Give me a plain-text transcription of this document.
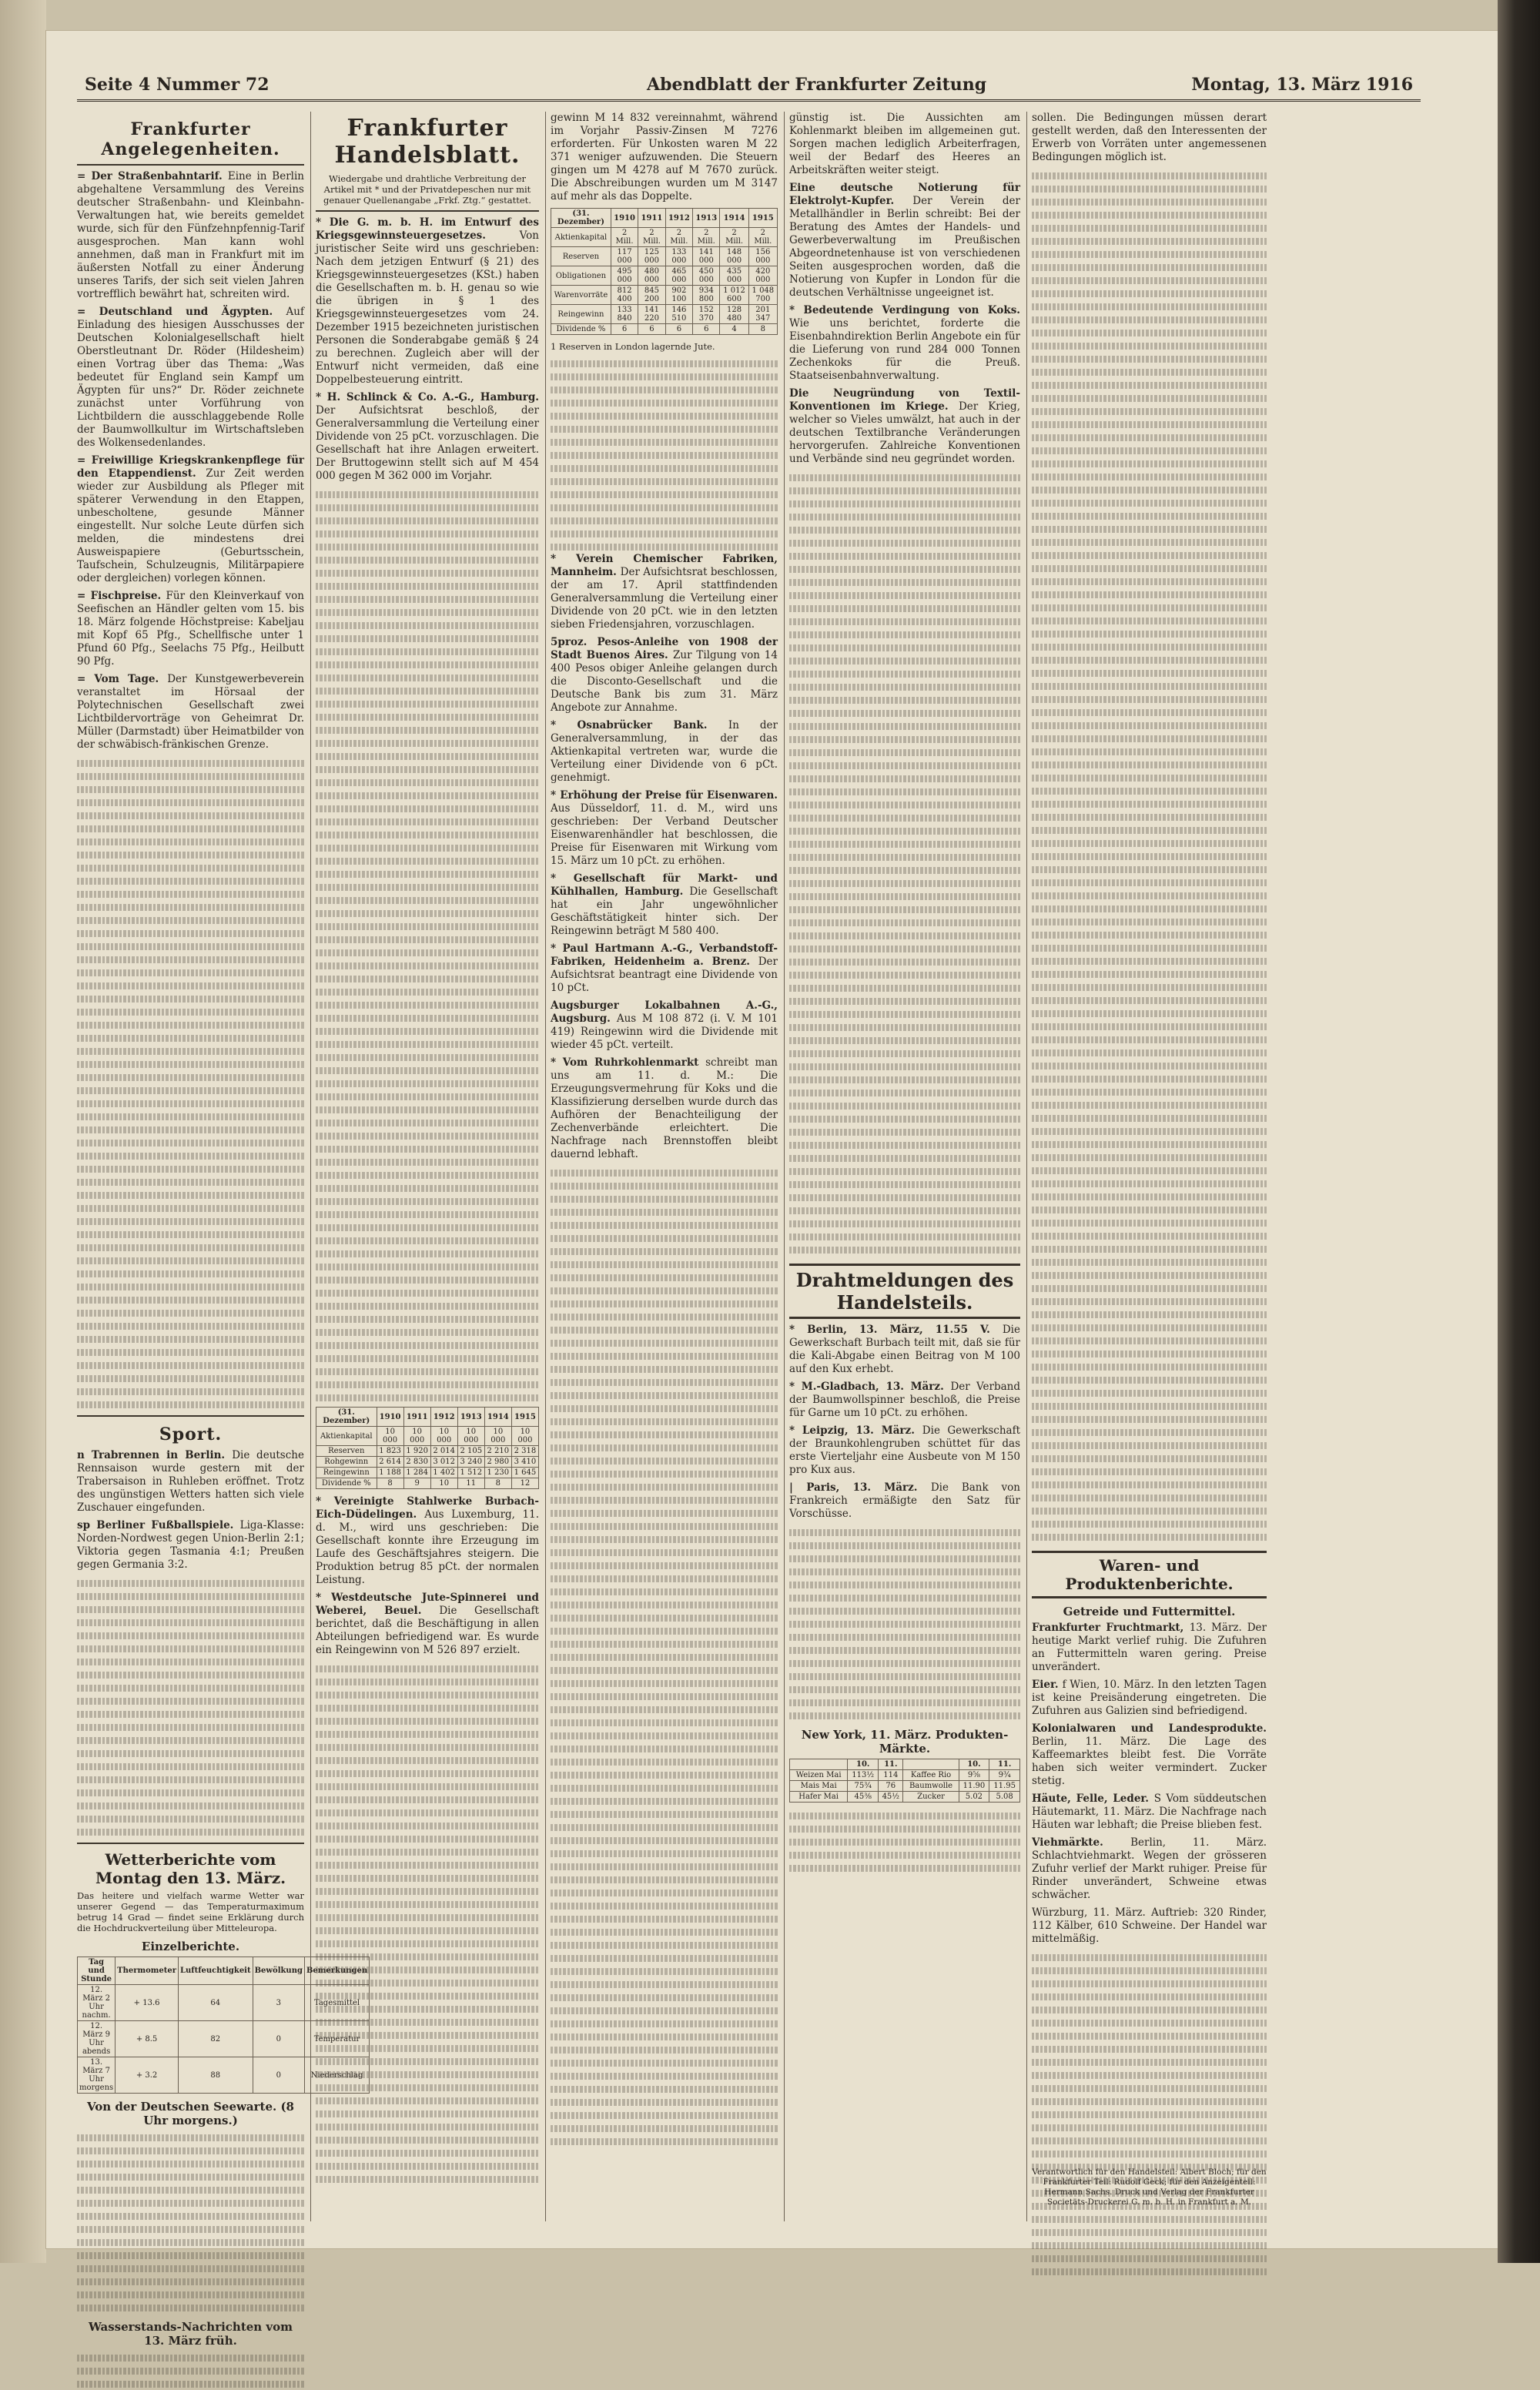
Seite 4 Nummer 72	Abendblatt der Frankfurter Zeitung	Montag, 13. März 1916
Frankfurter Angelegenheiten.

= Der Straßenbahntarif. Eine in Berlin abgehaltene Versammlung des Vereins deutscher Straßenbahn- und Kleinbahn-Verwaltungen hat, wie bereits gemeldet wurde, sich für den Fünfzehnpfennig-Tarif ausgesprochen. Man kann wohl annehmen, daß man in Frankfurt mit im äußersten Notfall zu einer Änderung unseres Tarifs, der sich seit vielen Jahren vortrefflich bewährt hat, schreiten wird.

= Deutschland und Ägypten. Auf Einladung des hiesigen Ausschusses der Deutschen Kolonialgesellschaft hielt Oberstleutnant Dr. Röder (Hildesheim) einen Vortrag über das Thema: „Was bedeutet für England sein Kampf um Ägypten für uns?“ Dr. Röder zeichnete zunächst unter Vorführung von Lichtbildern die ausschlaggebende Rolle der Baumwollkultur im Wirtschaftsleben des Wolkensedenlandes.

= Freiwillige Kriegskrankenpflege für den Etappendienst. Zur Zeit werden wieder zur Ausbildung als Pfleger mit späterer Verwendung in den Etappen, unbescholtene, gesunde Männer eingestellt. Nur solche Leute dürfen sich melden, die mindestens drei Ausweispapiere (Geburtsschein, Taufschein, Schulzeugnis, Militärpapiere oder dergleichen) vorlegen können.

= Fischpreise. Für den Kleinverkauf von Seefischen an Händler gelten vom 15. bis 18. März folgende Höchstpreise: Kabeljau mit Kopf 65 Pfg., Schellfische unter 1 Pfund 60 Pfg., Seelachs 75 Pfg., Heilbutt 90 Pfg.

= Vom Tage. Der Kunstgewerbeverein veranstaltet im Hörsaal der Polytechnischen Gesellschaft zwei Lichtbildervorträge von Geheimrat Dr. Müller (Darmstadt) über Heimatbilder von der schwäbisch-fränkischen Grenze.

Sport.

n Trabrennen in Berlin. Die deutsche Rennsaison wurde gestern mit der Trabersaison in Ruhleben eröffnet. Trotz des ungünstigen Wetters hatten sich viele Zuschauer eingefunden.

sp Berliner Fußballspiele. Liga-Klasse: Norden-Nordwest gegen Union-Berlin 2:1; Viktoria gegen Tasmania 4:1; Preußen gegen Germania 3:2.

Wetterberichte vom Montag den 13. März.

Das heitere und vielfach warme Wetter war unserer Gegend — das Temperaturmaximum betrug 14 Grad — findet seine Erklärung durch die Hochdruckverteilung über Mitteleuropa.

Einzelberichte.
Tag und Stunde	Thermometer	Luftfeuchtigkeit	Bewölkung	Bemerkungen
12. März 2 Uhr nachm.	+ 13.6	64	3	Tagesmittel
12. März 9 Uhr abends	+ 8.5	82	0	Temperatur
13. März 7 Uhr morgens	+ 3.2	88	0	Niederschlag
Von der Deutschen Seewarte. (8 Uhr morgens.)
Wasserstands-Nachrichten vom 13. März früh.
Frankfurter Handelsblatt.

Wiedergabe und drahtliche Verbreitung der Artikel mit * und der Privatdepeschen nur mit genauer Quellenangabe „Frkf. Ztg.“ gestattet.

* Die G. m. b. H. im Entwurf des Kriegsgewinnsteuergesetzes. Von juristischer Seite wird uns geschrieben: Nach dem jetzigen Entwurf (§ 21) des Kriegsgewinnsteuergesetzes (KSt.) haben die Gesellschaften m. b. H. genau so wie die übrigen in § 1 des Kriegsgewinnsteuergesetzes vom 24. Dezember 1915 bezeichneten juristischen Personen die Sonderabgabe gemäß § 24 zu berechnen. Zugleich aber will der Entwurf nicht vermeiden, daß eine Doppelbesteuerung eintritt.

* H. Schlinck & Co. A.-G., Hamburg. Der Aufsichtsrat beschloß, der Generalversammlung die Verteilung einer Dividende von 25 pCt. vorzuschlagen. Die Gesellschaft hat ihre Anlagen erweitert. Der Bruttogewinn stellt sich auf M 454 000 gegen M 362 000 im Vorjahr.

(31. Dezember)	1910	1911	1912	1913	1914	1915
Aktienkapital	10 000	10 000	10 000	10 000	10 000	10 000
Reserven	1 823	1 920	2 014	2 105	2 210	2 318
Rohgewinn	2 614	2 830	3 012	3 240	2 980	3 410
Reingewinn	1 188	1 284	1 402	1 512	1 230	1 645
Dividende %	8	9	10	11	8	12

* Vereinigte Stahlwerke Burbach-Eich-Düdelingen. Aus Luxemburg, 11. d. M., wird uns geschrieben: Die Gesellschaft konnte ihre Erzeugung im Laufe des Geschäftsjahres steigern. Die Produktion betrug 85 pCt. der normalen Leistung.

* Westdeutsche Jute-Spinnerei und Weberei, Beuel. Die Gesellschaft berichtet, daß die Beschäftigung in allen Abteilungen befriedigend war. Es wurde ein Reingewinn von M 526 897 erzielt.

gewinn M 14 832 vereinnahmt, während im Vorjahr Passiv-Zinsen M 7276 erforderten. Für Unkosten waren M 22 371 weniger aufzuwenden. Die Steuern gingen um M 4278 auf M 7670 zurück. Die Abschreibungen wurden um M 3147 auf mehr als das Doppelte.

(31. Dezember)	1910	1911	1912	1913	1914	1915
Aktienkapital	2 Mill.	2 Mill.	2 Mill.	2 Mill.	2 Mill.	2 Mill.
Reserven	117 000	125 000	133 000	141 000	148 000	156 000
Obligationen	495 000	480 000	465 000	450 000	435 000	420 000
Warenvorräte	812 400	845 200	902 100	934 800	1 012 600	1 048 700
Reingewinn	133 840	141 220	146 510	152 370	128 480	201 347
Dividende %	6	6	6	6	4	8

1 Reserven in London lagernde Jute.

* Verein Chemischer Fabriken, Mannheim. Der Aufsichtsrat beschlossen, der am 17. April stattfindenden Generalversammlung die Verteilung einer Dividende von 20 pCt. wie in den letzten sieben Friedensjahren, vorzuschlagen.

5proz. Pesos-Anleihe von 1908 der Stadt Buenos Aires. Zur Tilgung von 14 400 Pesos obiger Anleihe gelangen durch die Disconto-Gesellschaft und die Deutsche Bank bis zum 31. März Angebote zur Annahme.

* Osnabrücker Bank. In der Generalversammlung, in der das Aktienkapital vertreten war, wurde die Verteilung einer Dividende von 6 pCt. genehmigt.

* Erhöhung der Preise für Eisenwaren. Aus Düsseldorf, 11. d. M., wird uns geschrieben: Der Verband Deutscher Eisenwarenhändler hat beschlossen, die Preise für Eisenwaren mit Wirkung vom 15. März um 10 pCt. zu erhöhen.

* Gesellschaft für Markt- und Kühlhallen, Hamburg. Die Gesellschaft hat ein Jahr ungewöhnlicher Geschäftstätigkeit hinter sich. Der Reingewinn beträgt M 580 400.

* Paul Hartmann A.-G., Verbandstoff-Fabriken, Heidenheim a. Brenz. Der Aufsichtsrat beantragt eine Dividende von 10 pCt.

Augsburger Lokalbahnen A.-G., Augsburg. Aus M 108 872 (i. V. M 101 419) Reingewinn wird die Dividende mit wieder 45 pCt. verteilt.

* Vom Ruhrkohlenmarkt schreibt man uns am 11. d. M.: Die Erzeugungsvermehrung für Koks und die Klassifizierung derselben wurde durch das Aufhören der Benachteiligung der Zechenverbände erleichtert. Die Nachfrage nach Brennstoffen bleibt dauernd lebhaft.

günstig ist. Die Aussichten am Kohlenmarkt bleiben im allgemeinen gut. Sorgen machen lediglich Arbeiterfragen, weil der Bedarf des Heeres an Arbeitskräften weiter steigt.

Eine deutsche Notierung für Elektrolyt-Kupfer. Der Verein der Metallhändler in Berlin schreibt: Bei der Beratung des Amtes der Handels- und Gewerbeverwaltung im Preußischen Abgeordnetenhause ist von verschiedenen Seiten ausgesprochen worden, daß die Notierung von Kupfer in London für die deutschen Verhältnisse ungeeignet ist.

* Bedeutende Verdingung von Koks. Wie uns berichtet, forderte die Eisenbahndirektion Berlin Angebote ein für die Lieferung von rund 284 000 Tonnen Zechenkoks für die Preuß. Staatseisenbahnverwaltung.

Die Neugründung von Textil-Konventionen im Kriege. Der Krieg, welcher so Vieles umwälzt, hat auch in der deutschen Textilbranche Veränderungen hervorgerufen. Zahlreiche Konventionen und Verbände sind neu gegründet worden.

Drahtmeldungen des Handelsteils.

* Berlin, 13. März, 11.55 V. Die Gewerkschaft Burbach teilt mit, daß sie für die Kali-Abgabe einen Beitrag von M 100 auf den Kux erhebt.

* M.-Gladbach, 13. März. Der Verband der Baumwollspinner beschloß, die Preise für Garne um 10 pCt. zu erhöhen.

* Leipzig, 13. März. Die Gewerkschaft der Braunkohlengruben schüttet für das erste Vierteljahr eine Ausbeute von M 150 pro Kux aus.

| Paris, 13. März. Die Bank von Frankreich ermäßigte den Satz für Vorschüsse.

New York, 11. März. Produkten-Märkte.
	10.	11.		10.	11.
Weizen Mai	113½	114	Kaffee Rio	9⅝	9¾
Mais Mai	75¾	76	Baumwolle	11.90	11.95
Hafer Mai	45⅜	45½	Zucker	5.02	5.08

sollen. Die Bedingungen müssen derart gestellt werden, daß den Interessenten der Erwerb von Vorräten unter angemessenen Bedingungen möglich ist.

Waren- und Produktenberichte.
Getreide und Futtermittel.

Frankfurter Fruchtmarkt, 13. März. Der heutige Markt verlief ruhig. Die Zufuhren an Futtermitteln waren gering. Preise unverändert.

Eier. f Wien, 10. März. In den letzten Tagen ist keine Preisänderung eingetreten. Die Zufuhren aus Galizien sind befriedigend.

Kolonialwaren und Landesprodukte. Berlin, 11. März. Die Lage des Kaffeemarktes bleibt fest. Die Vorräte haben sich weiter vermindert. Zucker stetig.

Häute, Felle, Leder. S Vom süddeutschen Häutemarkt, 11. März. Die Nachfrage nach Häuten war lebhaft; die Preise blieben fest.

Viehmärkte. Berlin, 11. März. Schlachtviehmarkt. Wegen der grösseren Zufuhr verlief der Markt ruhiger. Preise für Rinder unverändert, Schweine etwas schwächer.

Würzburg, 11. März. Auftrieb: 320 Rinder, 112 Kälber, 610 Schweine. Der Handel war mittelmäßig.

Verantwortlich für den Handelsteil: Albert Bloch; für den Frankfurter Teil: Rudolf Geck; für den Anzeigenteil: Hermann Sachs. Druck und Verlag der Frankfurter Societäts-Druckerei G. m. b. H. in Frankfurt a. M.
